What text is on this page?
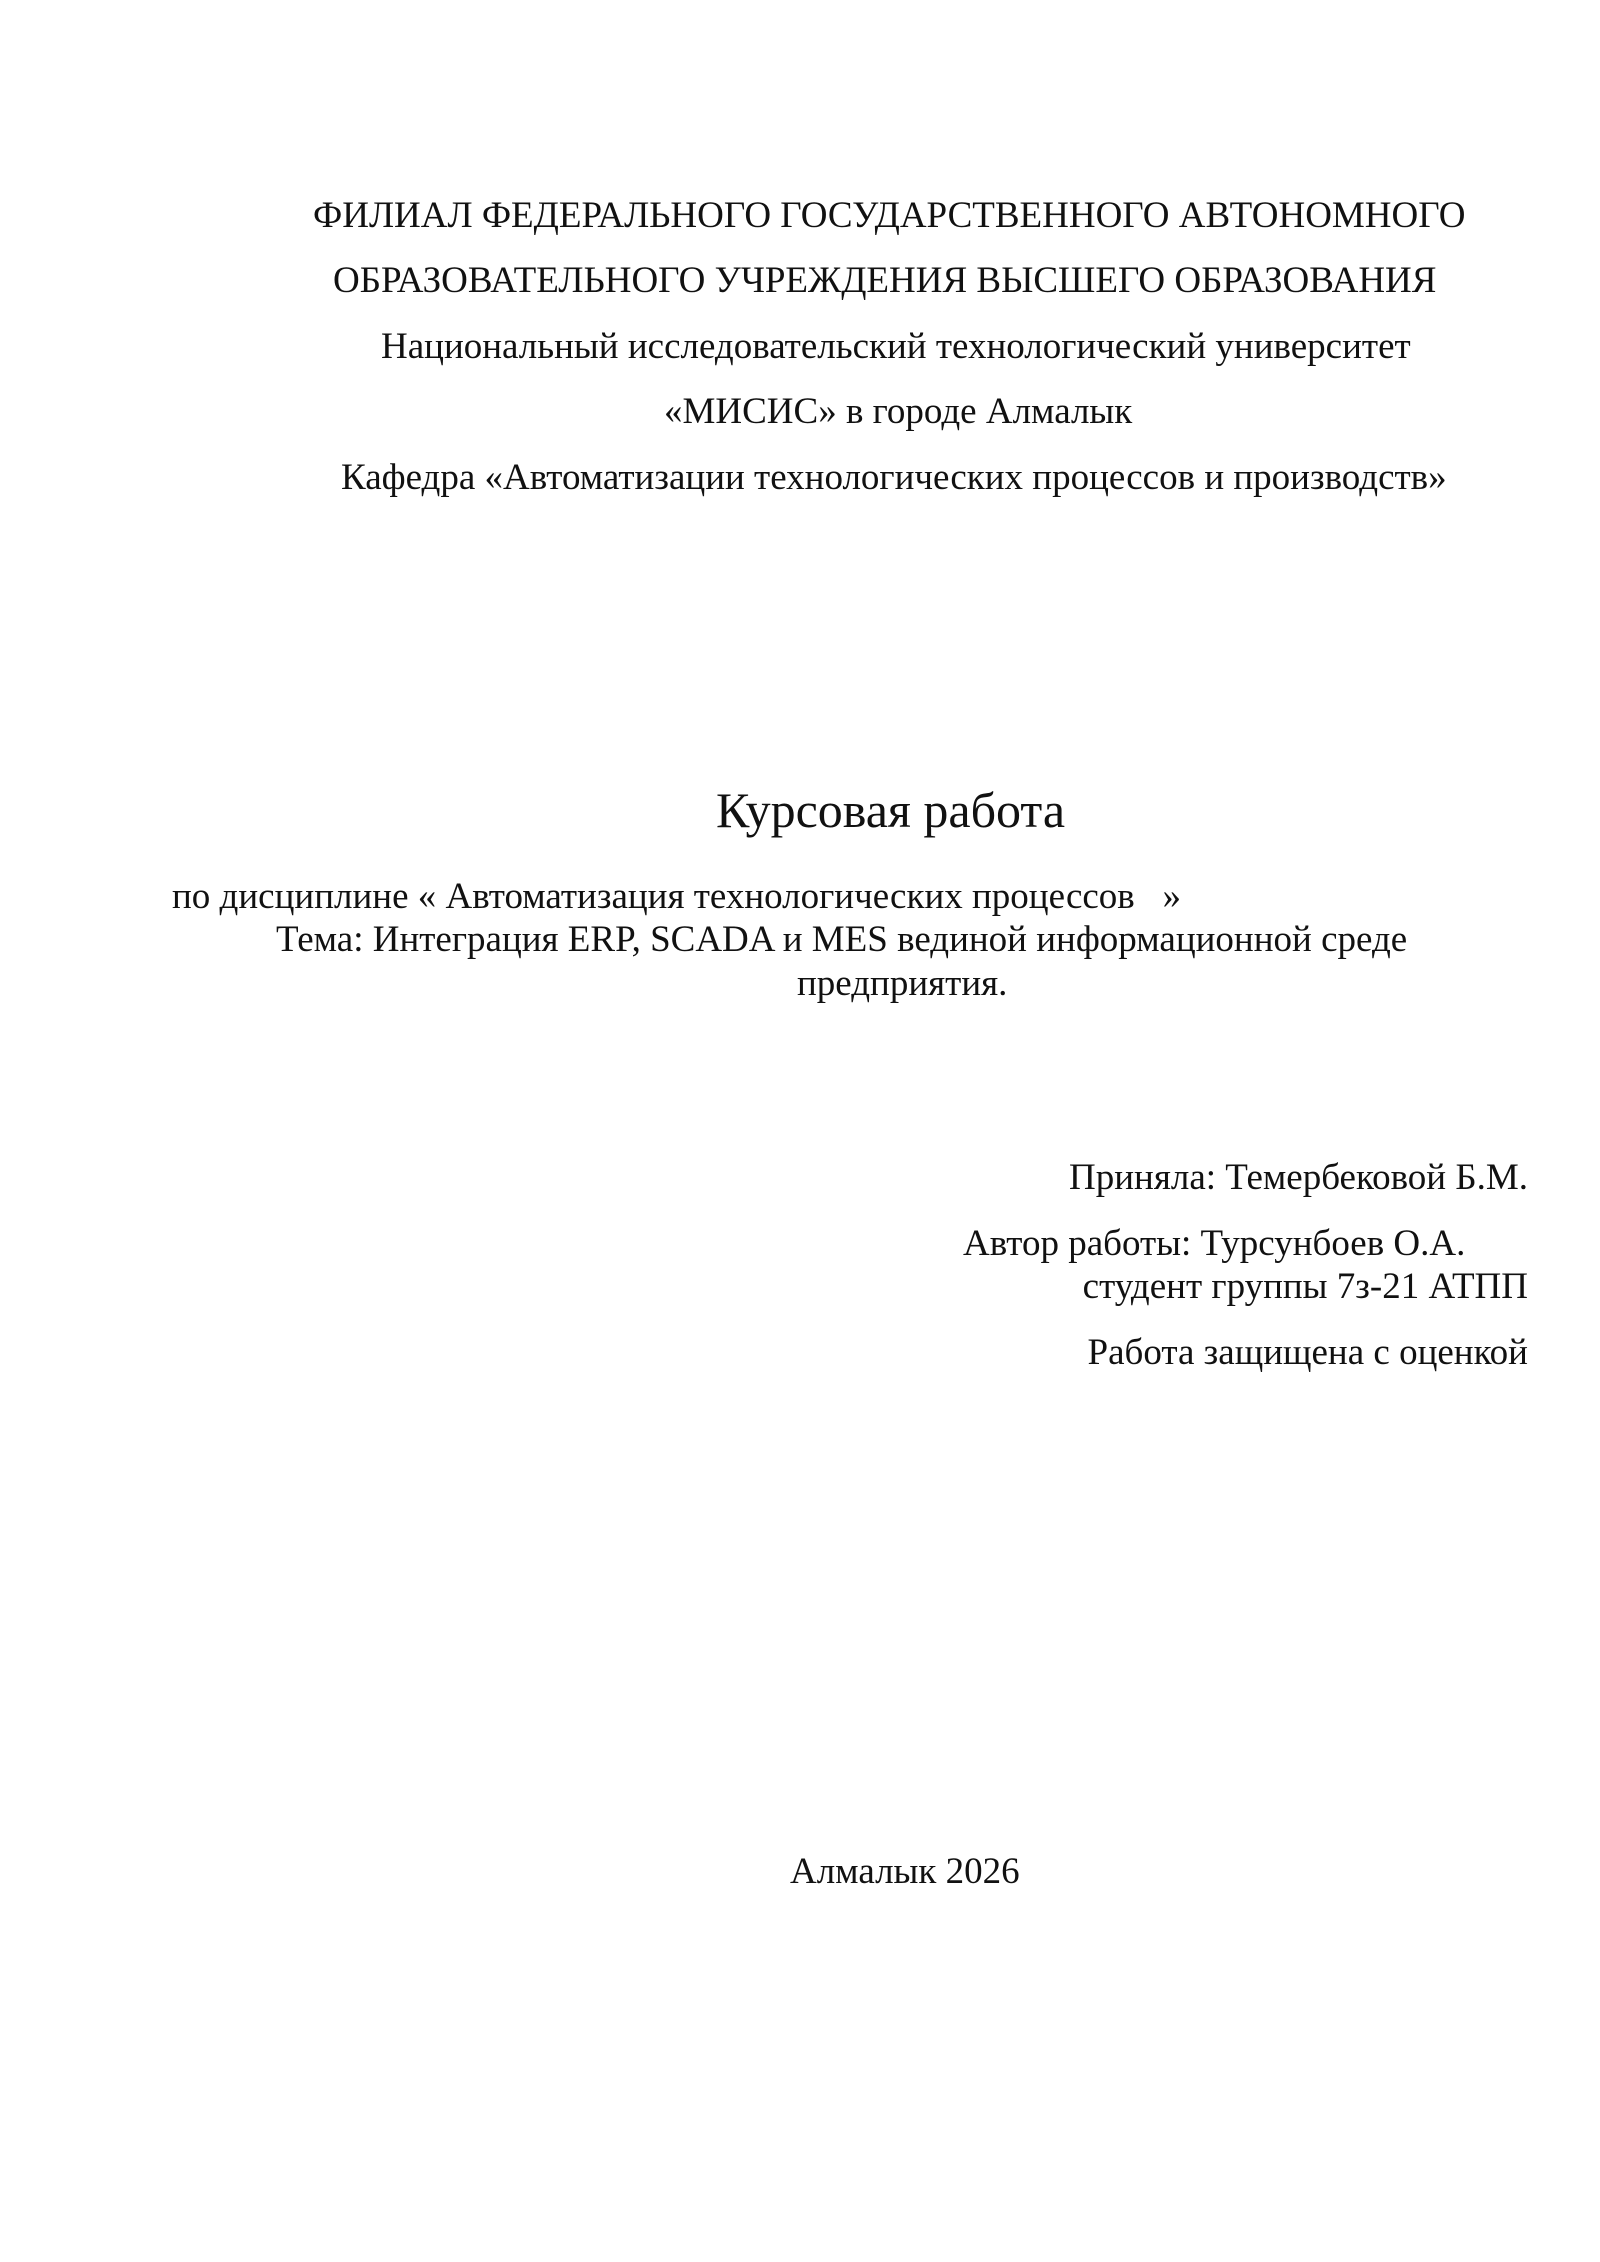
ФИЛИАЛ ФЕДЕРАЛЬНОГО ГОСУДАРСТВЕННОГО АВТОНОМНОГО
ОБРАЗОВАТЕЛЬНОГО УЧРЕЖДЕНИЯ ВЫСШЕГО ОБРАЗОВАНИЯ
Национальный исследовательский технологический университет
«МИСИС» в городе Алмалык
Кафедра «Автоматизации технологических процессов и производств»
Курсовая работа
по дисциплине « Автоматизация технологических процессов   »
Тема: Интеграция ERP, SCADA и MES вединой информационной среде
предприятия.
Приняла: Темербековой Б.М.
Автор работы: Турсунбоев О.А.
студент группы 7з-21 АТПП
Работа защищена с оценкой
Алмалык 2026
